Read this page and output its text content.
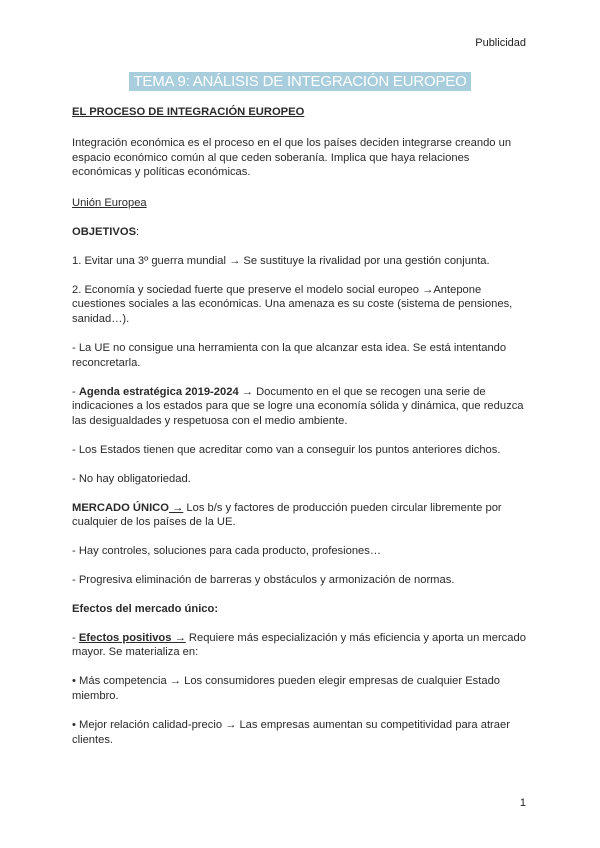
Publicidad
TEMA 9: ANÁLISIS DE INTEGRACIÓN EUROPEO

EL PROCESO DE INTEGRACIÓN EUROPEO

Integración económica es el proceso en el que los países deciden integrarse creando un espacio económico común al que ceden soberanía. Implica que haya relaciones económicas y políticas económicas.

Unión Europea

OBJETIVOS:

1. Evitar una 3º guerra mundial → Se sustituye la rivalidad por una gestión conjunta.

2. Economía y sociedad fuerte que preserve el modelo social europeo →Antepone cuestiones sociales a las económicas. Una amenaza es su coste (sistema de pensiones, sanidad…).

- La UE no consigue una herramienta con la que alcanzar esta idea. Se está intentando reconcretarla.

- Agenda estratégica 2019-2024 → Documento en el que se recogen una serie de indicaciones a los estados para que se logre una economía sólida y dinámica, que reduzca las desigualdades y respetuosa con el medio ambiente.

- Los Estados tienen que acreditar como van a conseguir los puntos anteriores dichos.

- No hay obligatoriedad.

MERCADO ÚNICO → Los b/s y factores de producción pueden circular libremente por cualquier de los países de la UE.

- Hay controles, soluciones para cada producto, profesiones…

- Progresiva eliminación de barreras y obstáculos y armonización de normas.

Efectos del mercado único:

- Efectos positivos → Requiere más especialización y más eficiencia y aporta un mercado mayor. Se materializa en:

• Más competencia → Los consumidores pueden elegir empresas de cualquier Estado miembro.

• Mejor relación calidad-precio → Las empresas aumentan su competitividad para atraer clientes.

1
